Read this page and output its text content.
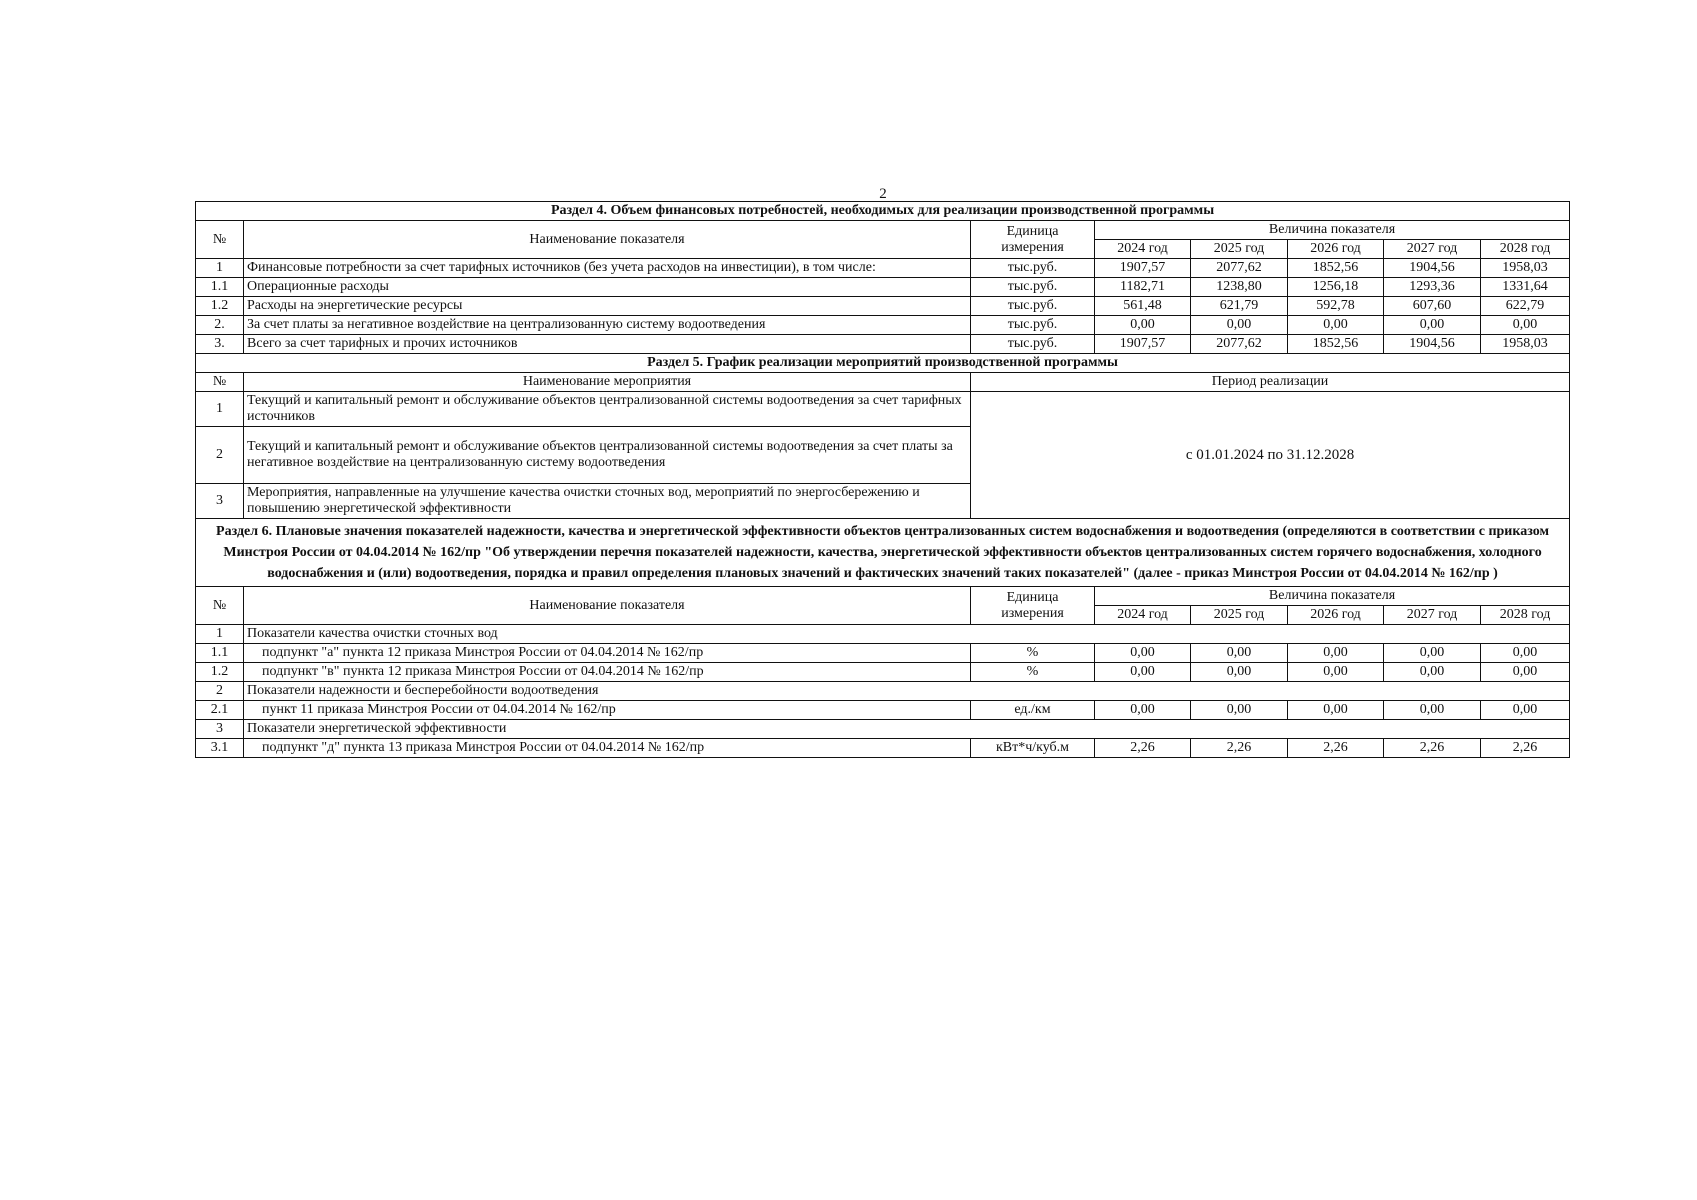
2
Раздел 4. Объем финансовых потребностей, необходимых для реализации производственной программы							
№	Наименование показателя	Единица измерения	Величина показателя				
			2024 год	2025 год	2026 год	2027 год	2028 год
1	Финансовые потребности за счет тарифных источников (без учета расходов на инвестиции), в том числе:	тыс.руб.	1907,57	2077,62	1852,56	1904,56	1958,03
1.1	Операционные расходы	тыс.руб.	1182,71	1238,80	1256,18	1293,36	1331,64
1.2	Расходы на энергетические ресурсы	тыс.руб.	561,48	621,79	592,78	607,60	622,79
2.	За счет платы за негативное воздействие на централизованную систему водоотведения	тыс.руб.	0,00	0,00	0,00	0,00	0,00
3.	Всего за счет тарифных и прочих источников	тыс.руб.	1907,57	2077,62	1852,56	1904,56	1958,03
Раздел 5. График реализации мероприятий производственной программы							
№	Наименование мероприятия	Период реализации					
1	Текущий и капитальный ремонт и обслуживание объектов централизованной системы водоотведения за счет тарифных источников	с 01.01.2024 по 31.12.2028					
2	Текущий и капитальный ремонт и обслуживание объектов централизованной системы водоотведения за счет платы за негативное воздействие на централизованную систему водоотведения						
3	Мероприятия, направленные на улучшение качества очистки сточных вод, мероприятий по энергосбережению и повышению энергетической эффективности						
Раздел 6. Плановые значения показателей надежности, качества и энергетической эффективности объектов централизованных систем водоснабжения и водоотведения (определяются в соответствии с приказом Минстроя России от 04.04.2014 № 162/пр "Об утверждении перечня показателей надежности, качества, энергетической эффективности объектов централизованных систем горячего водоснабжения, холодного водоснабжения и (или) водоотведения, порядка и правил определения плановых значений и фактических значений таких показателей" (далее - приказ Минстроя России от 04.04.2014 № 162/пр )							
№	Наименование показателя	Единица измерения	Величина показателя				
			2024 год	2025 год	2026 год	2027 год	2028 год
1	Показатели качества очистки сточных вод						
1.1	подпункт "а" пункта 12 приказа Минстроя России от 04.04.2014 № 162/пр	%	0,00	0,00	0,00	0,00	0,00
1.2	подпункт "в" пункта 12 приказа Минстроя России от 04.04.2014 № 162/пр	%	0,00	0,00	0,00	0,00	0,00
2	Показатели надежности и бесперебойности водоотведения						
2.1	пункт 11 приказа Минстроя России от 04.04.2014 № 162/пр	ед./км	0,00	0,00	0,00	0,00	0,00
3	Показатели энергетической эффективности						
3.1	подпункт "д" пункта 13 приказа Минстроя России от 04.04.2014 № 162/пр	кВт*ч/куб.м	2,26	2,26	2,26	2,26	2,26
